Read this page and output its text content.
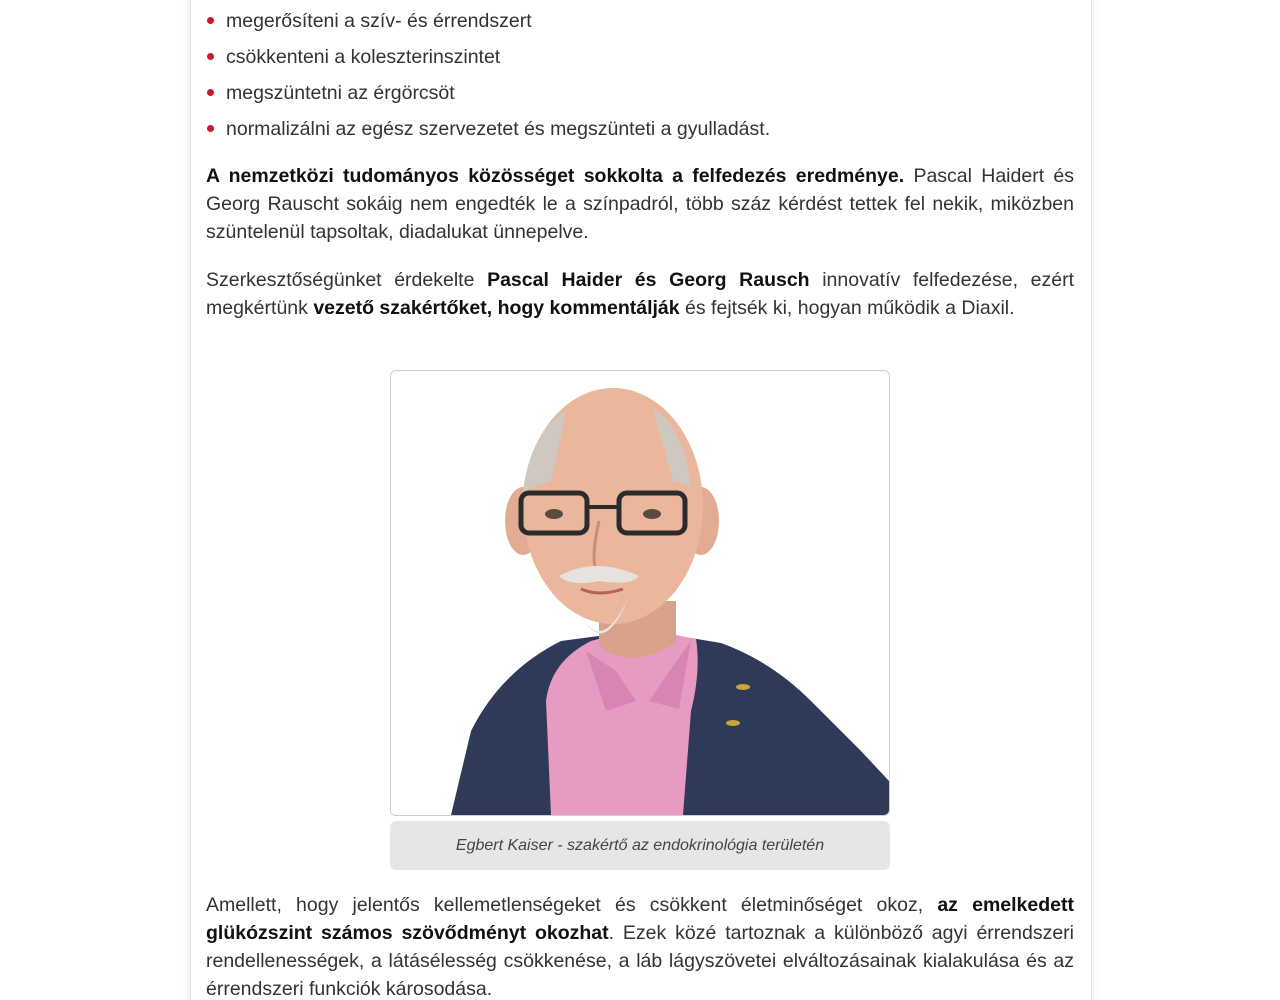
megerősíteni a szív- és érrendszert
csökkenteni a koleszterinszintet
megszüntetni az érgörcsöt
normalizálni az egész szervezetet és megszünteti a gyulladást.

A nemzetközi tudományos közösséget sokkolta a felfedezés eredménye. Pascal Haidert és Georg Rauscht sokáig nem engedték le a színpadról, több száz kérdést tettek fel nekik, miközben szüntelenül tapsoltak, diadalukat ünnepelve.

Szerkesztőségünket érdekelte Pascal Haider és Georg Rausch innovatív felfedezése, ezért megkértünk vezető szakértőket, hogy kommentálják és fejtsék ki, hogyan működik a Diaxil.

Egbert Kaiser - szakértő az endokrinológia területén

Amellett, hogy jelentős kellemetlenségeket és csökkent életminőséget okoz, az emelkedett glükózszint számos szövődményt okozhat. Ezek közé tartoznak a különböző agyi érrendszeri rendellenességek, a látásélesség csökkenése, a láb lágyszövetei elváltozásainak kialakulása és az érrendszeri funkciók károsodása.
